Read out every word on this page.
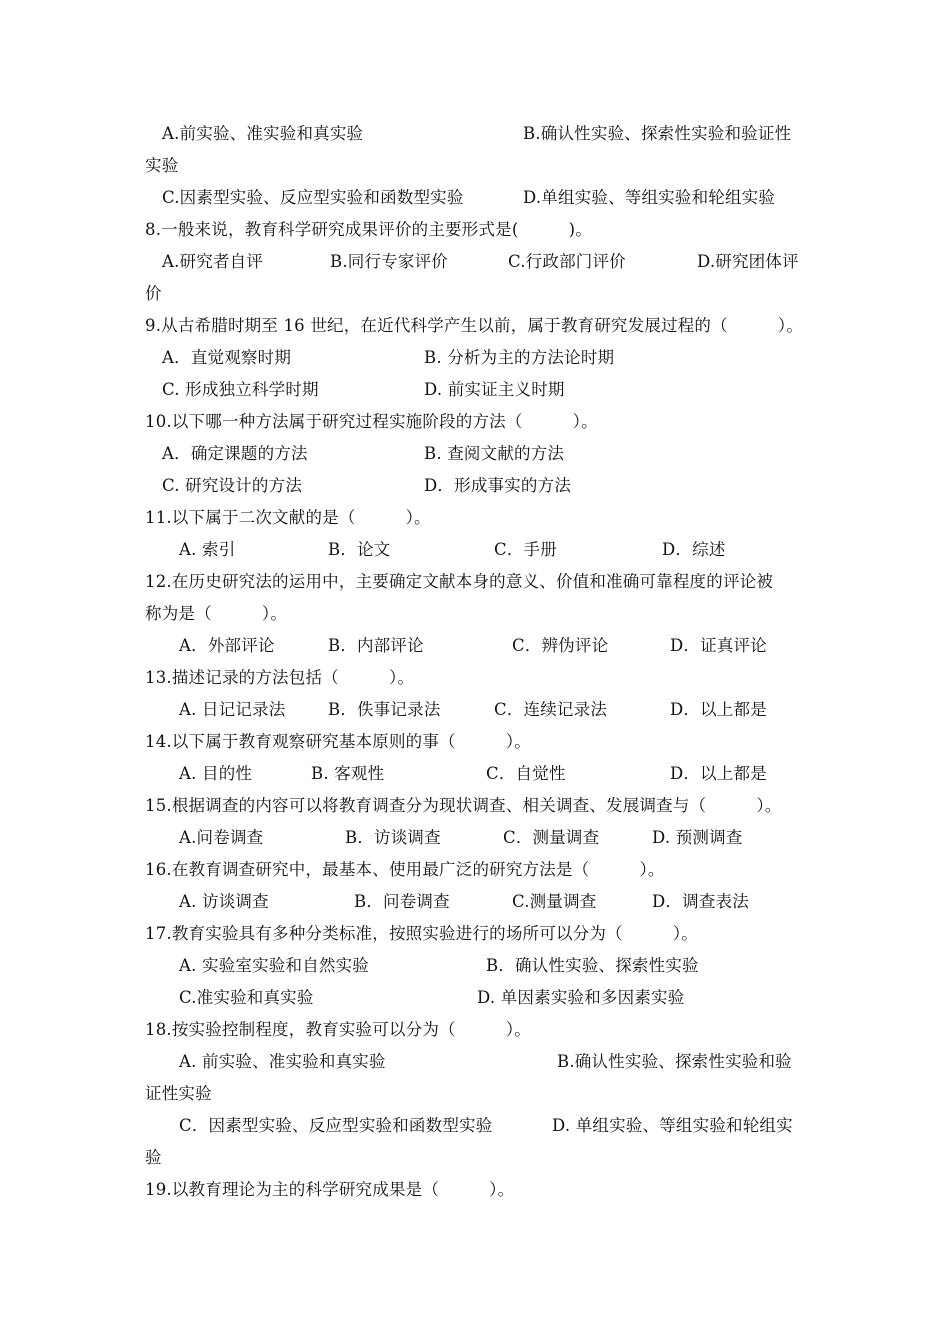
A.前实验、准实验和真实验	B.确认性实验、探索性实验和验证性
实验
C.因素型实验、反应型实验和函数型实验	D.单组实验、等组实验和轮组实验
8.一般来说，教育科学研究成果评价的主要形式是(　　　)。
A.研究者自评	B.同行专家评价	C.行政部门评价	D.研究团体评
价
9.从古希腊时期至 16 世纪，在近代科学产生以前，属于教育研究发展过程的（　　　）。
A．直觉观察时期	B. 分析为主的方法论时期
C. 形成独立科学时期	D. 前实证主义时期
10.以下哪一种方法属于研究过程实施阶段的方法（　　　）。
A．确定课题的方法	B. 查阅文献的方法
C. 研究设计的方法	D．形成事实的方法
11.以下属于二次文献的是（　　　）。
A. 索引	B．论文	C．手册	D．综述
12.在历史研究法的运用中，主要确定文献本身的意义、价值和准确可靠程度的评论被
称为是（　　　）。
A．外部评论	B．内部评论	C．辨伪评论	D．证真评论
13.描述记录的方法包括（　　　）。
A. 日记记录法	B．佚事记录法	C．连续记录法	D．以上都是
14.以下属于教育观察研究基本原则的事（　　　）。
A. 目的性	B. 客观性	C．自觉性	D．以上都是
15.根据调查的内容可以将教育调查分为现状调查、相关调查、发展调查与（　　　）。
A.问卷调查	B．访谈调查	C．测量调查	D. 预测调查
16.在教育调查研究中，最基本、使用最广泛的研究方法是（　　　）。
A. 访谈调查	B．问卷调查	C.测量调查	D．调查表法
17.教育实验具有多种分类标准，按照实验进行的场所可以分为（　　　）。
A. 实验室实验和自然实验	B．确认性实验、探索性实验
C.准实验和真实验	D. 单因素实验和多因素实验
18.按实验控制程度，教育实验可以分为（　　　）。
A. 前实验、准实验和真实验	B.确认性实验、探索性实验和验
证性实验
C．因素型实验、反应型实验和函数型实验	D. 单组实验、等组实验和轮组实
验
19.以教育理论为主的科学研究成果是（　　　）。
